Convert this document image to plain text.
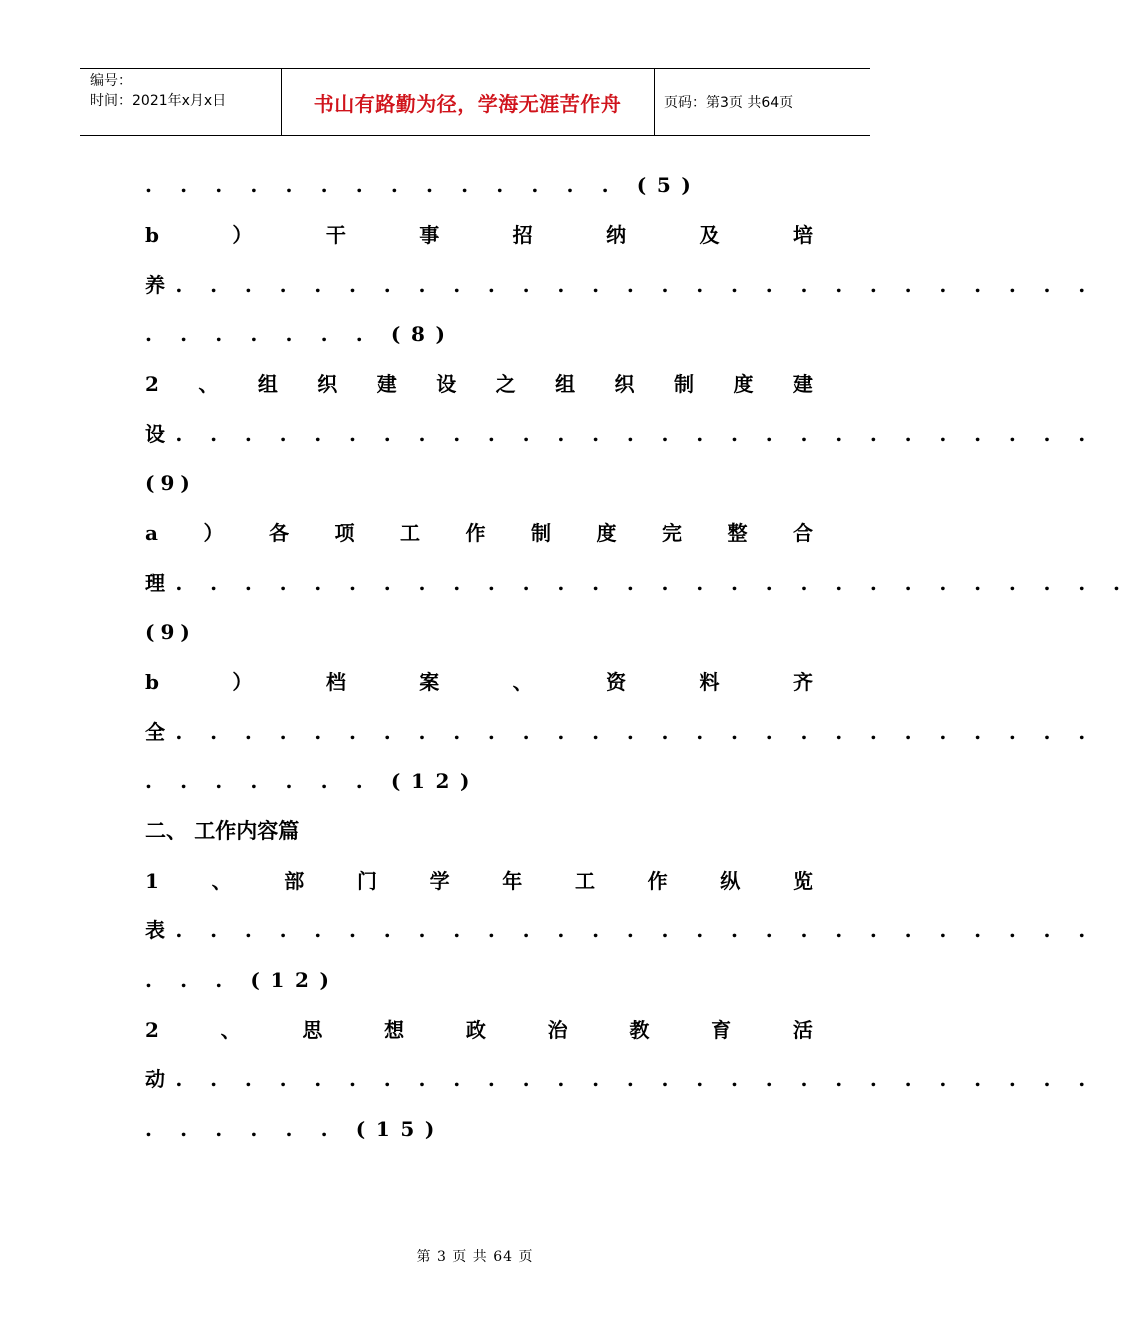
编号：
时间：2021年x月x日	书山有路勤为径，学海无涯苦作舟	页码：第3页 共64页
. . . . . . . . . . . . . . (5)
b	）	干	事	招	纳	及	培
养. . . . . . . . . . . . . . . . . . . . . . . . . . .
. . . . . . . (8)
2 、 组 织 建 设 之 组 织 制 度 建
设. . . . . . . . . . . . . . . . . . . . . . . . . . .
(9)
a ） 各 项 工 作 制 度 完 整 合
理. . . . . . . . . . . . . . . . . . . . . . . . . . . .
(9)
b	）	档	案	、	资	料	齐
全. . . . . . . . . . . . . . . . . . . . . . . . . . .
. . . . . . . (12)
二、 工作内容篇
1	、	部	门	学	年	工	作	纵	览
表. . . . . . . . . . . . . . . . . . . . . . . . . . .
. . . (12)
2	、	思	想	政	治	教	育	活
动. . . . . . . . . . . . . . . . . . . . . . . . . . .
. . . . . . (15)
第 3 页 共 64 页
